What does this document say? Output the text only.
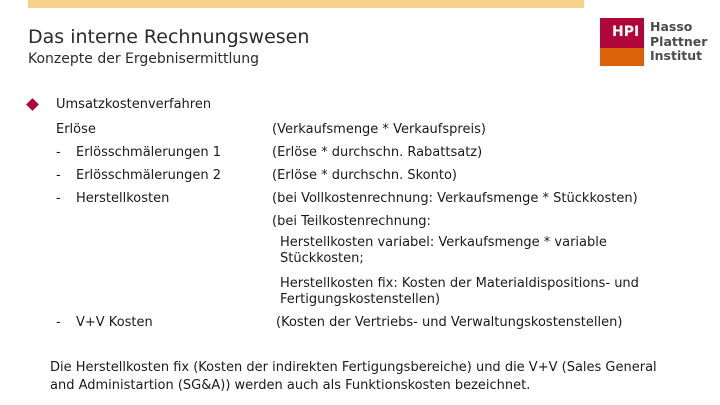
Das interne Rechnungswesen
Konzepte der Ergebnisermittlung
HPI Hasso
Plattner
Institut
Umsatzkostenverfahren
Erlöse	(Verkaufsmenge * Verkaufspreis)
- Erlösschmälerungen 1	(Erlöse * durchschn. Rabattsatz)
- Erlösschmälerungen 2	(Erlöse * durchschn. Skonto)
- Herstellkosten	(bei Vollkostenrechnung: Verkaufsmenge * Stückkosten)
(bei Teilkostenrechnung:
Herstellkosten variabel: Verkaufsmenge * variable Stückkosten;
Herstellkosten fix: Kosten der Materialdispositions- und Fertigungskostenstellen)
- V+V Kosten	(Kosten der Vertriebs- und Verwaltungskostenstellen)
Die Herstellkosten fix (Kosten der indirekten Fertigungsbereiche) und die V+V (Sales General and Administartion (SG&A)) werden auch als Funktionskosten bezeichnet.
